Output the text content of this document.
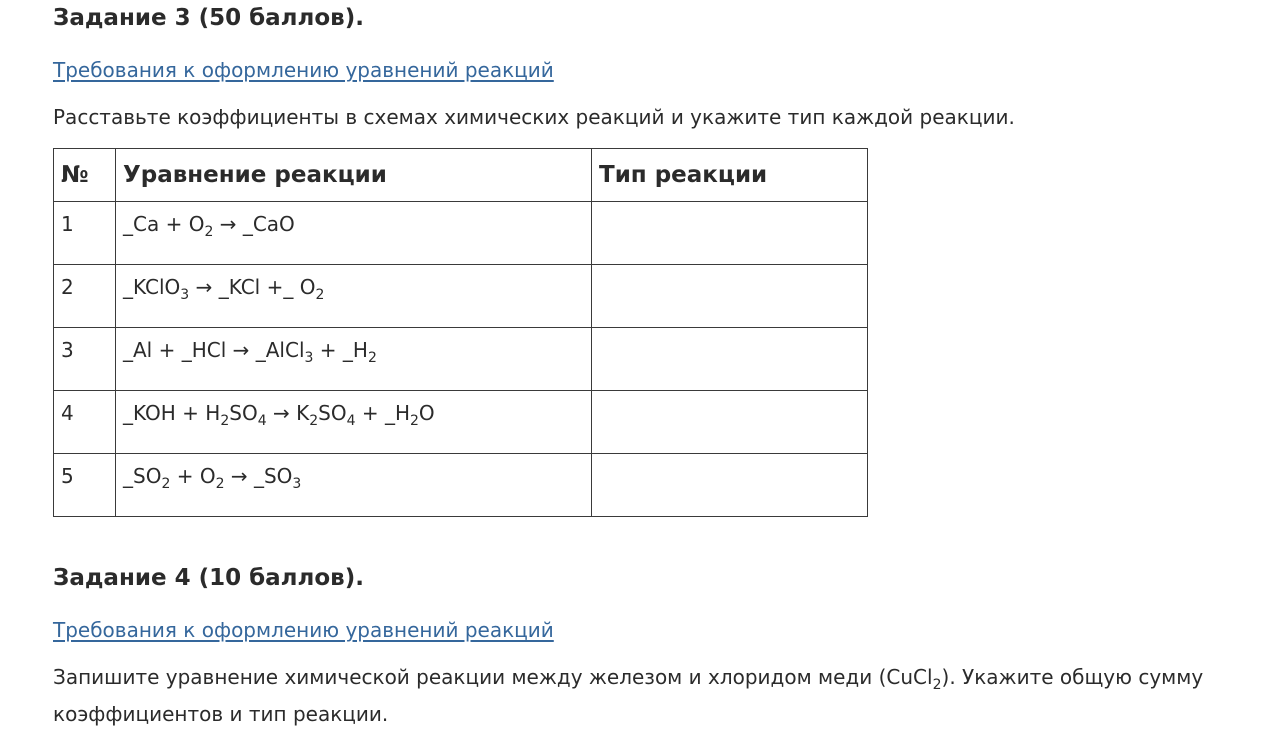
Задание 3 (50 баллов).
Требования к оформлению уравнений реакций

Расставьте коэффициенты в схемах химических реакций и укажите тип каждой реакции.

№	Уравнение реакции	Тип реакции
1	_Ca + $O_2$ → _CaO	
2	_KClO$_3$ → _KCl +_ $O_2$	
3	_Al + _HCl → _AlCl$_3$ + $\_H_2$	
4	_KOH + $H_2SO_4 \to K_2SO_4$ + $\_H_2O$	
5	$\_SO_2 + O_2$ → $\_SO_3$	
Задание 4 (10 баллов).
Требования к оформлению уравнений реакций

Запишите уравнение химической реакции между железом и хлоридом меди (CuCl$_2$). Укажите общую сумму коэффициентов и тип реакции.
